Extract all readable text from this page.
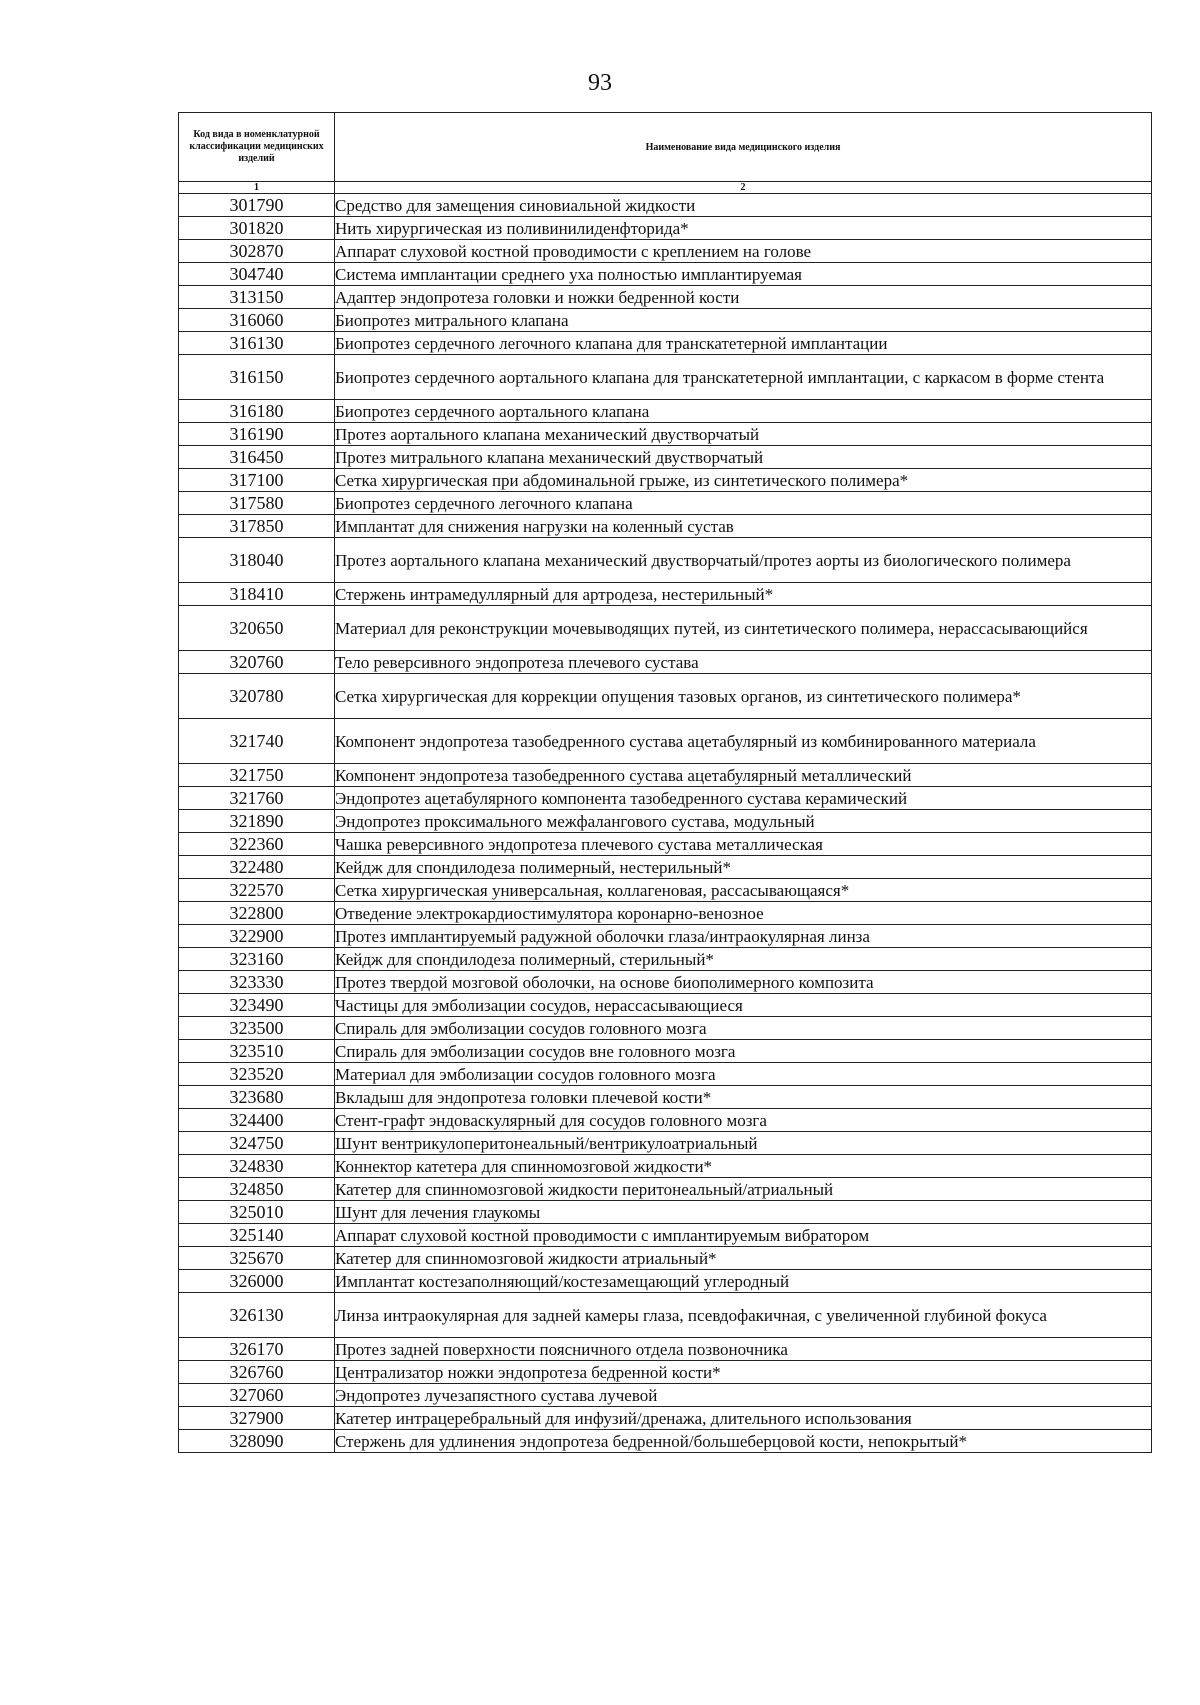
93
Код вида в номенклатурной классификации медицинских изделий	Наименование вида медицинского изделия
1	2
301790	Средство для замещения синовиальной жидкости
301820	Нить хирургическая из поливинилиденфторида*
302870	Аппарат слуховой костной проводимости с креплением на голове
304740	Система имплантации среднего уха полностью имплантируемая
313150	Адаптер эндопротеза головки и ножки бедренной кости
316060	Биопротез митрального клапана
316130	Биопротез сердечного легочного клапана для транскатетерной имплантации
316150	Биопротез сердечного аортального клапана для транскатетерной имплантации, с каркасом в форме стента
316180	Биопротез сердечного аортального клапана
316190	Протез аортального клапана механический двустворчатый
316450	Протез митрального клапана механический двустворчатый
317100	Сетка хирургическая при абдоминальной грыже, из синтетического полимера*
317580	Биопротез сердечного легочного клапана
317850	Имплантат для снижения нагрузки на коленный сустав
318040	Протез аортального клапана механический двустворчатый/протез аорты из биологического полимера
318410	Стержень интрамедуллярный для артродеза, нестерильный*
320650	Материал для реконструкции мочевыводящих путей, из синтетического полимера, нерассасывающийся
320760	Тело реверсивного эндопротеза плечевого сустава
320780	Сетка хирургическая для коррекции опущения тазовых органов, из синтетического полимера*
321740	Компонент эндопротеза тазобедренного сустава ацетабулярный из комбинированного материала
321750	Компонент эндопротеза тазобедренного сустава ацетабулярный металлический
321760	Эндопротез ацетабулярного компонента тазобедренного сустава керамический
321890	Эндопротез проксимального межфалангового сустава, модульный
322360	Чашка реверсивного эндопротеза плечевого сустава металлическая
322480	Кейдж для спондилодеза полимерный, нестерильный*
322570	Сетка хирургическая универсальная, коллагеновая, рассасывающаяся*
322800	Отведение электрокардиостимулятора коронарно-венозное
322900	Протез имплантируемый радужной оболочки глаза/интраокулярная линза
323160	Кейдж для спондилодеза полимерный, стерильный*
323330	Протез твердой мозговой оболочки, на основе биополимерного композита
323490	Частицы для эмболизации сосудов, нерассасывающиеся
323500	Спираль для эмболизации сосудов головного мозга
323510	Спираль для эмболизации сосудов вне головного мозга
323520	Материал для эмболизации сосудов головного мозга
323680	Вкладыш для эндопротеза головки плечевой кости*
324400	Стент-графт эндоваскулярный для сосудов головного мозга
324750	Шунт вентрикулоперитонеальный/вентрикулоатриальный
324830	Коннектор катетера для спинномозговой жидкости*
324850	Катетер для спинномозговой жидкости перитонеальный/атриальный
325010	Шунт для лечения глаукомы
325140	Аппарат слуховой костной проводимости с имплантируемым вибратором
325670	Катетер для спинномозговой жидкости атриальный*
326000	Имплантат костезаполняющий/костезамещающий углеродный
326130	Линза интраокулярная для задней камеры глаза, псевдофакичная, с увеличенной глубиной фокуса
326170	Протез задней поверхности поясничного отдела позвоночника
326760	Централизатор ножки эндопротеза бедренной кости*
327060	Эндопротез лучезапястного сустава лучевой
327900	Катетер интрацеребральный для инфузий/дренажа, длительного использования
328090	Стержень для удлинения эндопротеза бедренной/большеберцовой кости, непокрытый*
